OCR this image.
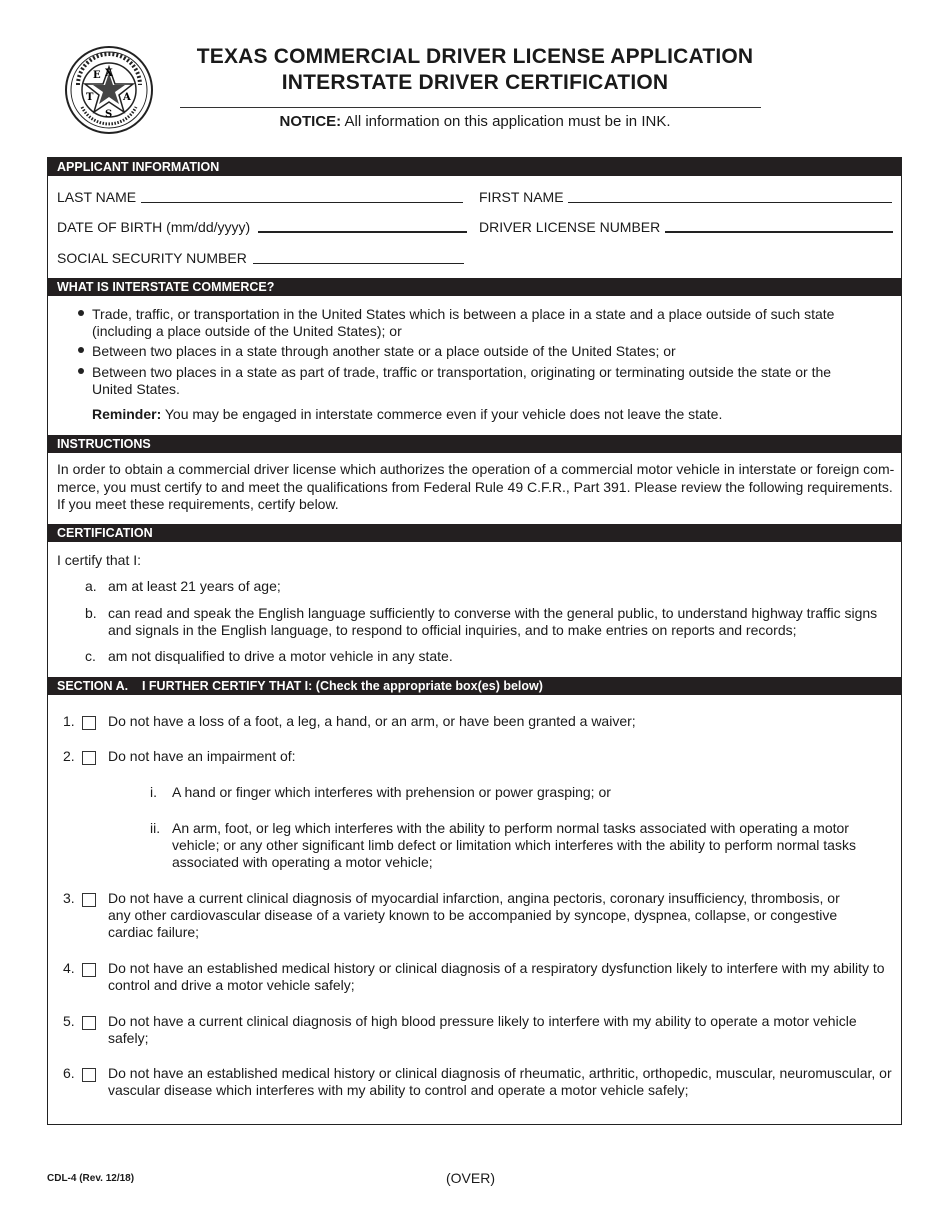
E X
T	A
S
TEXAS COMMERCIAL DRIVER LICENSE APPLICATION
INTERSTATE DRIVER CERTIFICATION
NOTICE: All information on this application must be in INK.
APPLICANT INFORMATION
LAST NAME	FIRST NAME
DATE OF BIRTH (mm/dd/yyyy)	DRIVER LICENSE NUMBER
SOCIAL SECURITY NUMBER
WHAT IS INTERSTATE COMMERCE?
Trade, traffic, or transportation in the United States which is between a place in a state and a place outside of such state
(including a place outside of the United States); or
Between two places in a state through another state or a place outside of the United States; or
Between two places in a state as part of trade, traffic or transportation, originating or terminating outside the state or the
United States.
Reminder: You may be engaged in interstate commerce even if your vehicle does not leave the state.
INSTRUCTIONS
In order to obtain a commercial driver license which authorizes the operation of a commercial motor vehicle in interstate or foreign com-
merce, you must certify to and meet the qualifications from Federal Rule 49 C.F.R., Part 391. Please review the following requirements.
If you meet these requirements, certify below.
CERTIFICATION
I certify that I:
a. am at least 21 years of age;
b. can read and speak the English language sufficiently to converse with the general public, to understand highway traffic signs
and signals in the English language, to respond to official inquiries, and to make entries on reports and records;
c. am not disqualified to drive a motor vehicle in any state.
SECTION A.    I FURTHER CERTIFY THAT I: (Check the appropriate box(es) below)
1. Do not have a loss of a foot, a leg, a hand, or an arm, or have been granted a waiver;
2. Do not have an impairment of:
i. A hand or finger which interferes with prehension or power grasping; or
ii. An arm, foot, or leg which interferes with the ability to perform normal tasks associated with operating a motor
vehicle; or any other significant limb defect or limitation which interferes with the ability to perform normal tasks
associated with operating a motor vehicle;
3. Do not have a current clinical diagnosis of myocardial infarction, angina pectoris, coronary insufficiency, thrombosis, or
any other cardiovascular disease of a variety known to be accompanied by syncope, dyspnea, collapse, or congestive
cardiac failure;
4. Do not have an established medical history or clinical diagnosis of a respiratory dysfunction likely to interfere with my ability to
control and drive a motor vehicle safely;
5. Do not have a current clinical diagnosis of high blood pressure likely to interfere with my ability to operate a motor vehicle
safely;
6. Do not have an established medical history or clinical diagnosis of rheumatic, arthritic, orthopedic, muscular, neuromuscular, or
vascular disease which interferes with my ability to control and operate a motor vehicle safely;
CDL-4 (Rev. 12/18)	(OVER)
